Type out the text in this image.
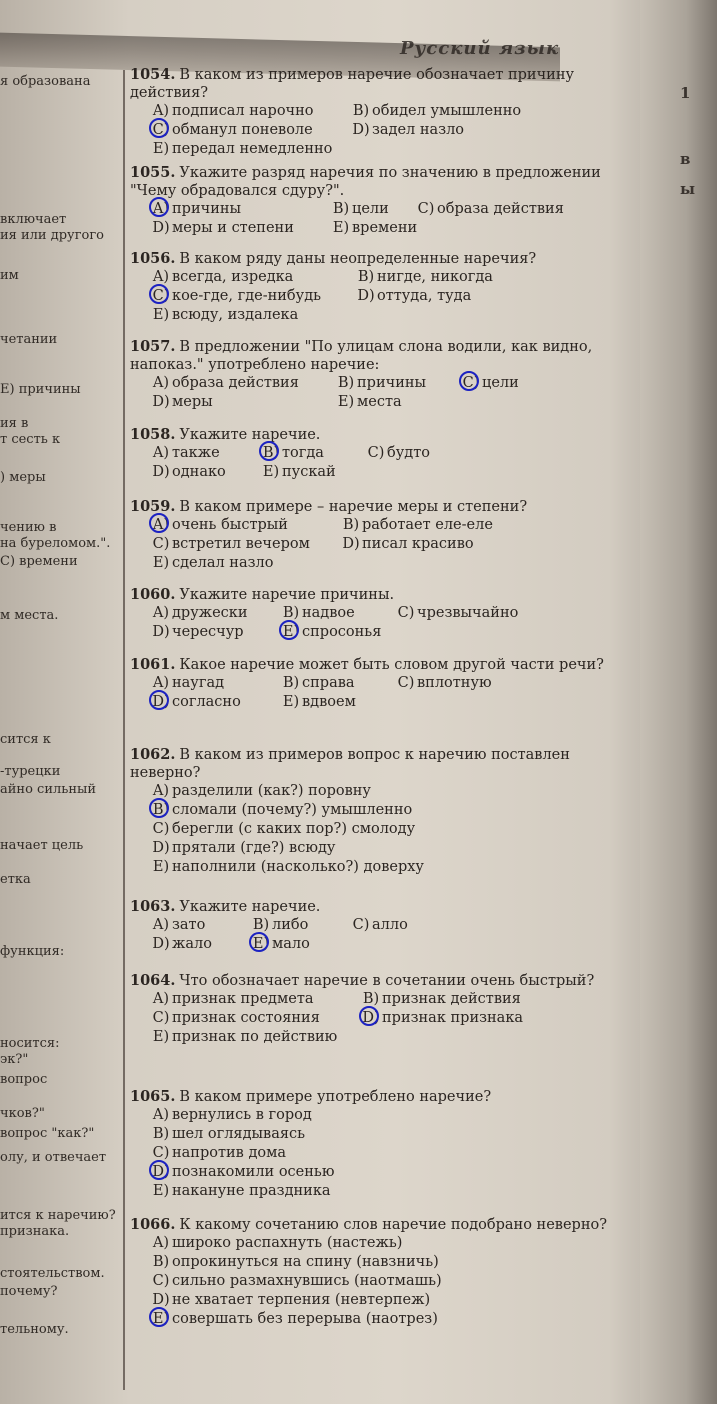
Русский язык
я образована
включает
ия или другого
им
четании
E) причины
ия в
т сесть к
) меры
чению в
на буреломом.".
C) времени
м места.
сится к
-турецки
айно сильный
начает цель
етка
функция:
носится:
эк?"
вопрос
чков?"
вопрос "как?"
олу, и отвечает
ится к наречию?
признака.
стоятельством.
почему?
тельному.
1
в
ы
1054. В каком из примеров наречие обозначает причину действия?
A) подписал нарочно	B) обидел умышленно
C) обманул поневоле	D) задел назло
E) передал немедленно
1055. Укажите разряд наречия по значению в предложении "Чему обрадовался сдуру?".
A) причины	B) цели C) образа действия
D) меры и степени	E) времени
1056. В каком ряду даны неопределенные наречия?
A) всегда, изредка	B) нигде, никогда
C) кое-где, где-нибудь	D) оттуда, туда
E) всюду, издалека
1057. В предложении "По улицам слона водили, как видно, напоказ." употреблено наречие:
A) образа действия	B) причины	C) цели
D) меры	E) места
1058. Укажите наречие.
A) также	B) тогда	C) будто
D) однако	E) пускай
1059. В каком примере – наречие меры и степени?
A) очень быстрый	B) работает еле-еле
C) встретил вечером D) писал красиво
E) сделал назло
1060. Укажите наречие причины.
A) дружески B) надвое	C) чрезвычайно
D) чересчур	E) спросонья
1061. Какое наречие может быть словом другой части речи?
A) наугад	B) справа	C) вплотную
D) согласно	E) вдвоем
1062. В каком из примеров вопрос к наречию поставлен неверно?
A) разделили (как?) поровну
B) сломали (почему?) умышленно
C) берегли (с каких пор?) смолоду
D) прятали (где?) всюду
E) наполнили (насколько?) доверху
1063. Укажите наречие.
A) зато	B) либо	C) алло
D) жало	E) мало
1064. Что обозначает наречие в сочетании очень быстрый?
A) признак предмета	B) признак действия
C) признак состояния	D) признак признака
E) признак по действию
1065. В каком примере употреблено наречие?
A) вернулись в город
B) шел оглядываясь
C) напротив дома
D) познакомили осенью
E) накануне праздника
1066. К какому сочетанию слов наречие подобрано неверно?
A) широко распахнуть (настежь)
B) опрокинуться на спину (навзничь)
C) сильно размахнувшись (наотмашь)
D) не хватает терпения (невтерпеж)
E) совершать без перерыва (наотрез)
